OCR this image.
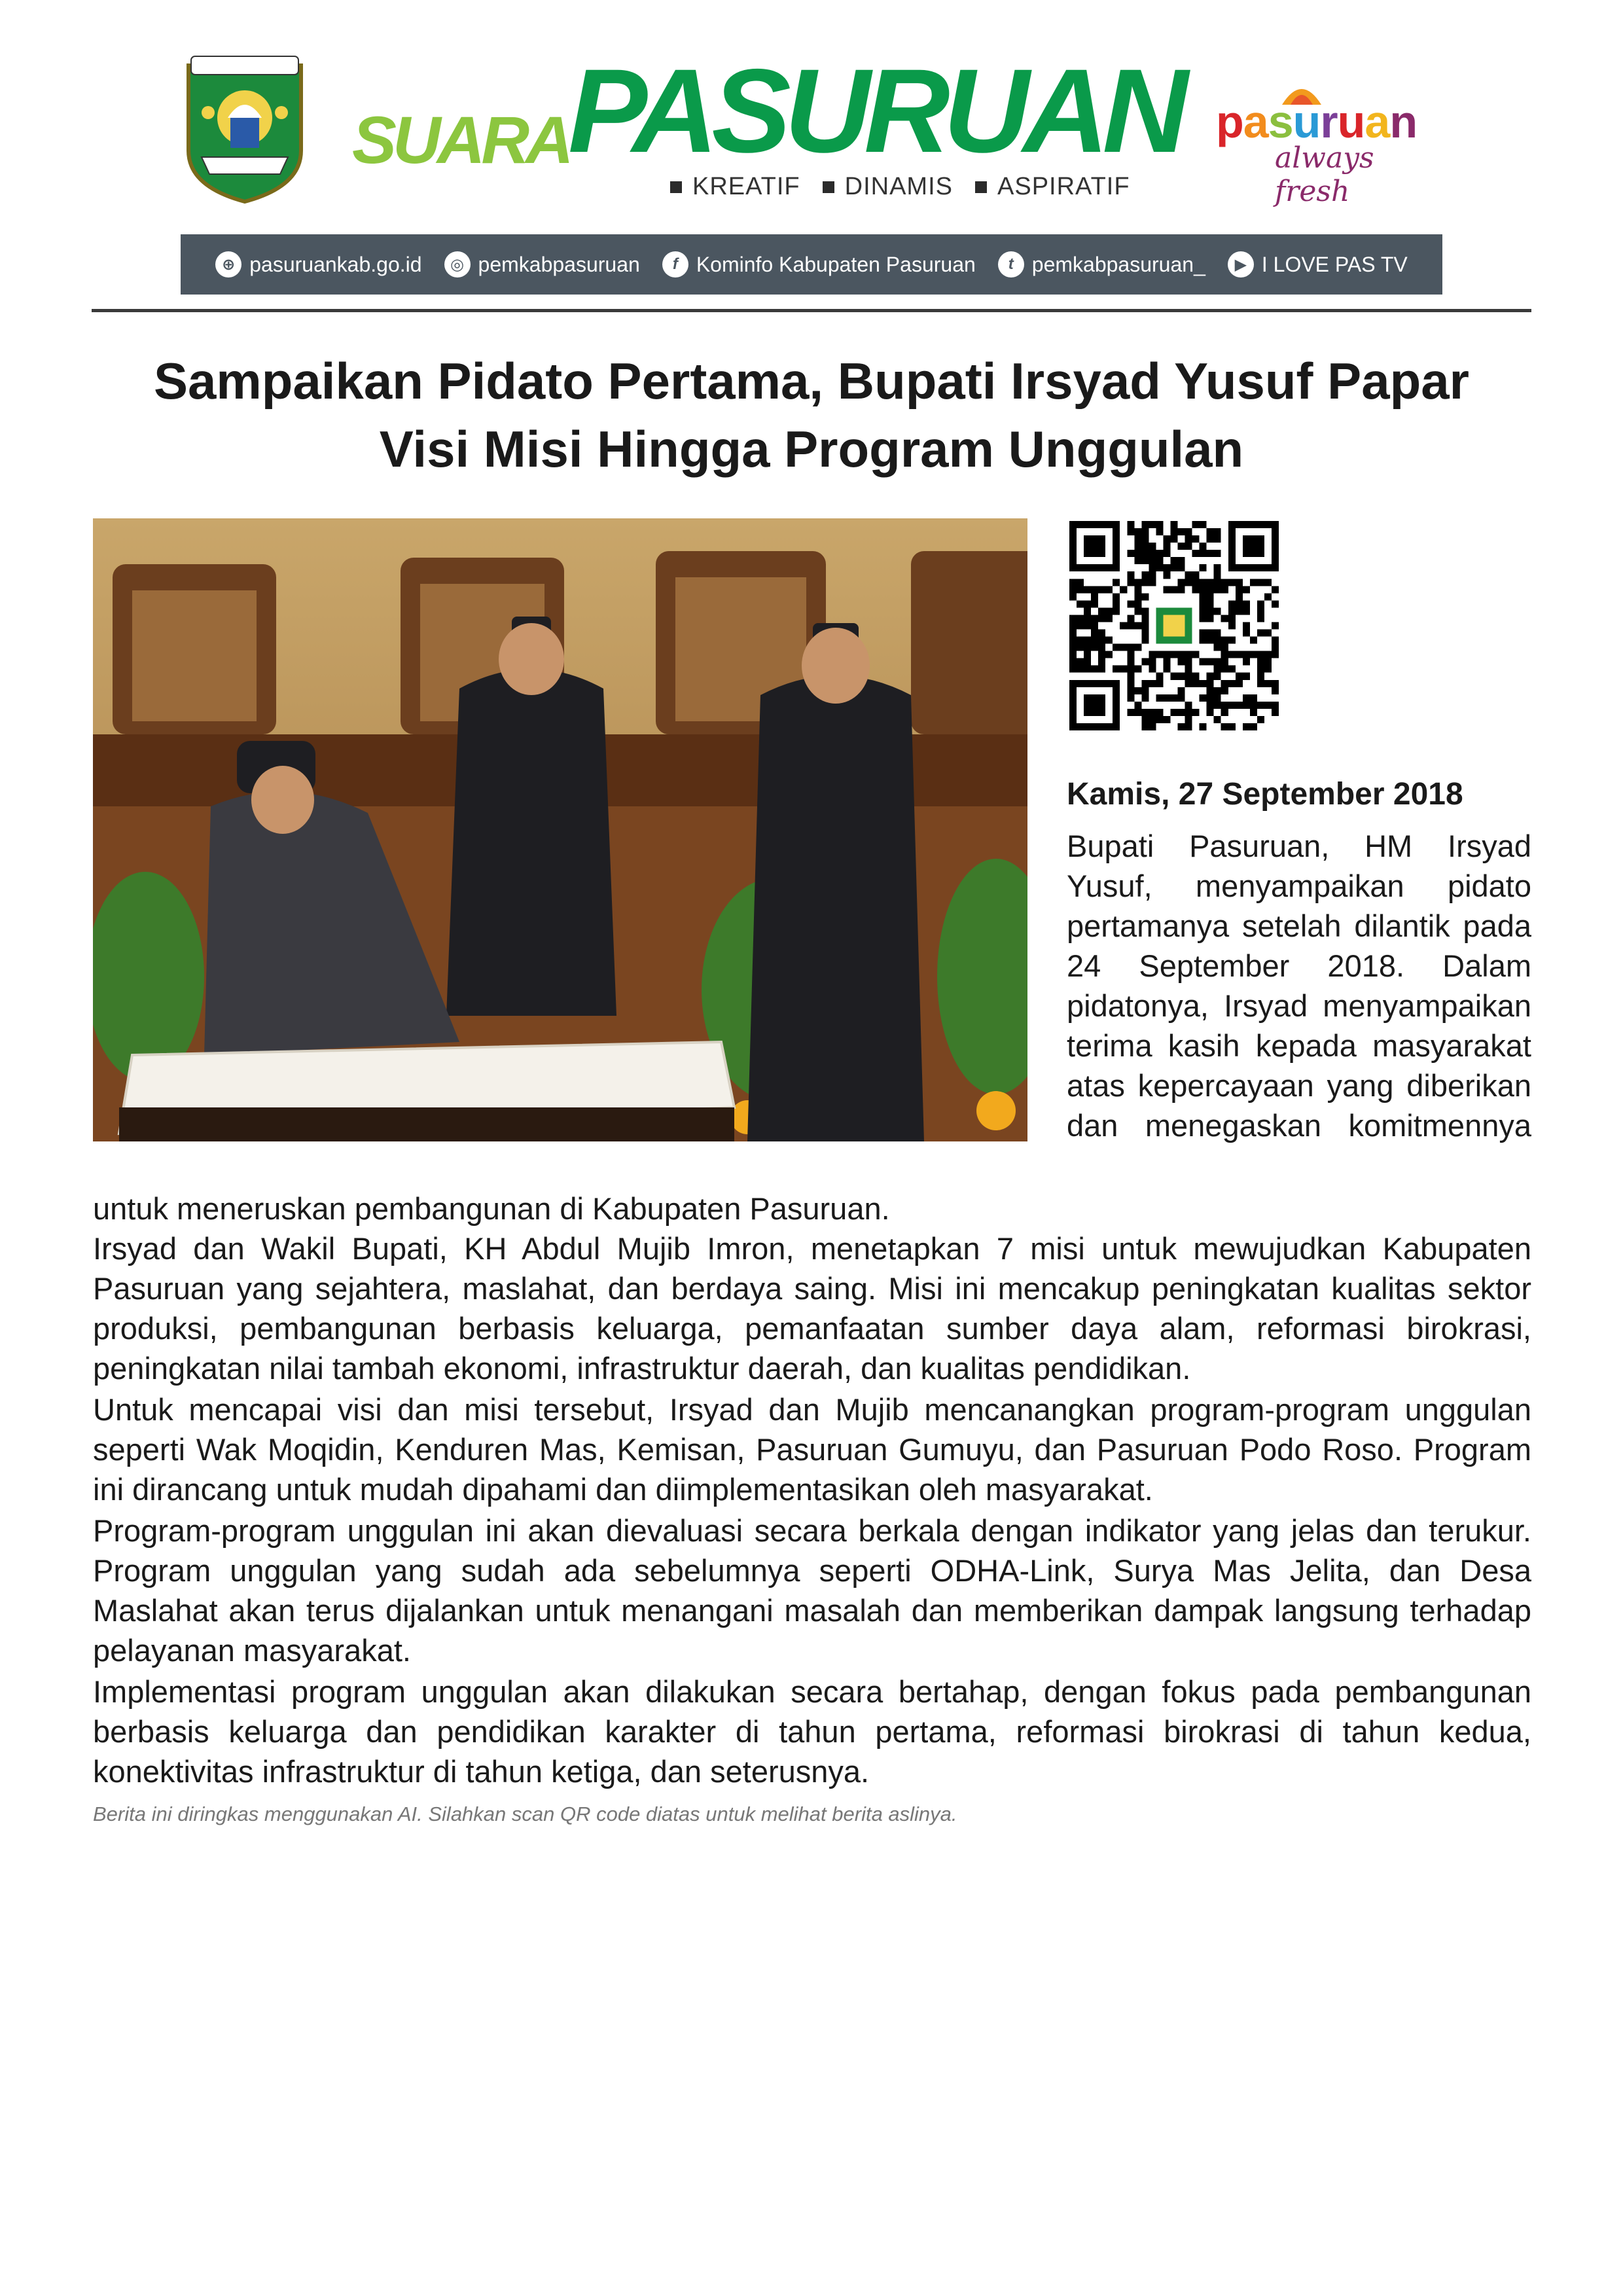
SUARA
PASURUAN
KREATIF DINAMIS ASPIRATIF
pasuruan
always fresh
⊕ pasuruankab.go.id	◎ pemkabpasuruan	f Kominfo Kabupaten Pasuruan	t pemkabpasuruan_	▶ I LOVE PAS TV
Sampaikan Pidato Pertama, Bupati Irsyad Yusuf Papar
Visi Misi Hingga Program Unggulan
Kamis, 27 September 2018
Bupati Pasuruan, HM Irsyad Yusuf, menyampaikan pidato pertamanya setelah dilantik pada 24 September 2018. Dalam pidatonya, Irsyad menyampaikan terima kasih kepada masyarakat atas kepercayaan yang diberikan dan menegaskan komitmennya
untuk meneruskan pembangunan di Kabupaten Pasuruan.

Irsyad dan Wakil Bupati, KH Abdul Mujib Imron, menetapkan 7 misi untuk mewujudkan Kabupaten Pasuruan yang sejahtera, maslahat, dan berdaya saing. Misi ini mencakup peningkatan kualitas sektor produksi, pembangunan berbasis keluarga, pemanfaatan sumber daya alam, reformasi birokrasi, peningkatan nilai tambah ekonomi, infrastruktur daerah, dan kualitas pendidikan.

Untuk mencapai visi dan misi tersebut, Irsyad dan Mujib mencanangkan program-program unggulan seperti Wak Moqidin, Kenduren Mas, Kemisan, Pasuruan Gumuyu, dan Pasuruan Podo Roso. Program ini dirancang untuk mudah dipahami dan diimplementasikan oleh masyarakat.

Program-program unggulan ini akan dievaluasi secara berkala dengan indikator yang jelas dan terukur. Program unggulan yang sudah ada sebelumnya seperti ODHA-Link, Surya Mas Jelita, dan Desa Maslahat akan terus dijalankan untuk menangani masalah dan memberikan dampak langsung terhadap pelayanan masyarakat.

Implementasi program unggulan akan dilakukan secara bertahap, dengan fokus pada pembangunan berbasis keluarga dan pendidikan karakter di tahun pertama, reformasi birokrasi di tahun kedua, konektivitas infrastruktur di tahun ketiga, dan seterusnya.

Berita ini diringkas menggunakan AI. Silahkan scan QR code diatas untuk melihat berita aslinya.
